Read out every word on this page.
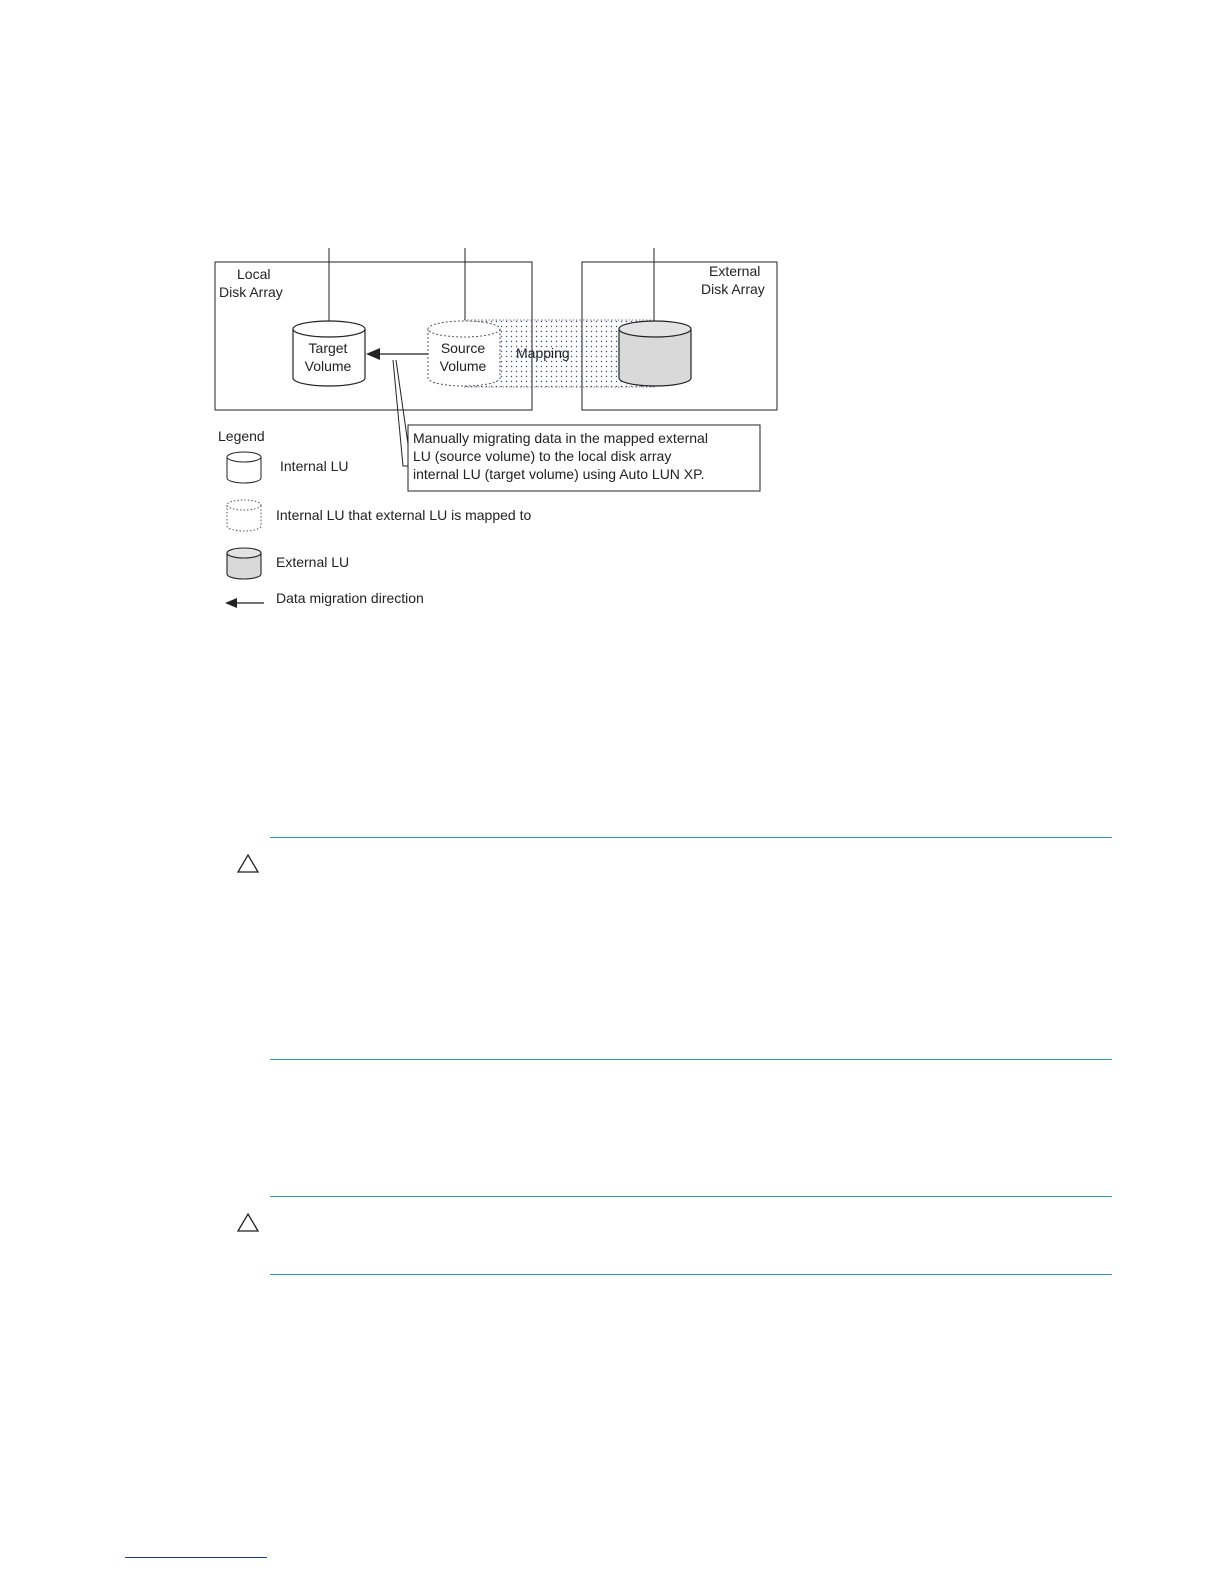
Local
Disk Array
External
Disk Array
Source
Volume
Mapping
Target
Volume
Manually migrating data in the mapped external
LU (source volume) to the local disk array
internal LU (target volume) using Auto LUN XP.
Legend
Internal LU
Internal LU that external LU is mapped to
External LU
Data migration direction
